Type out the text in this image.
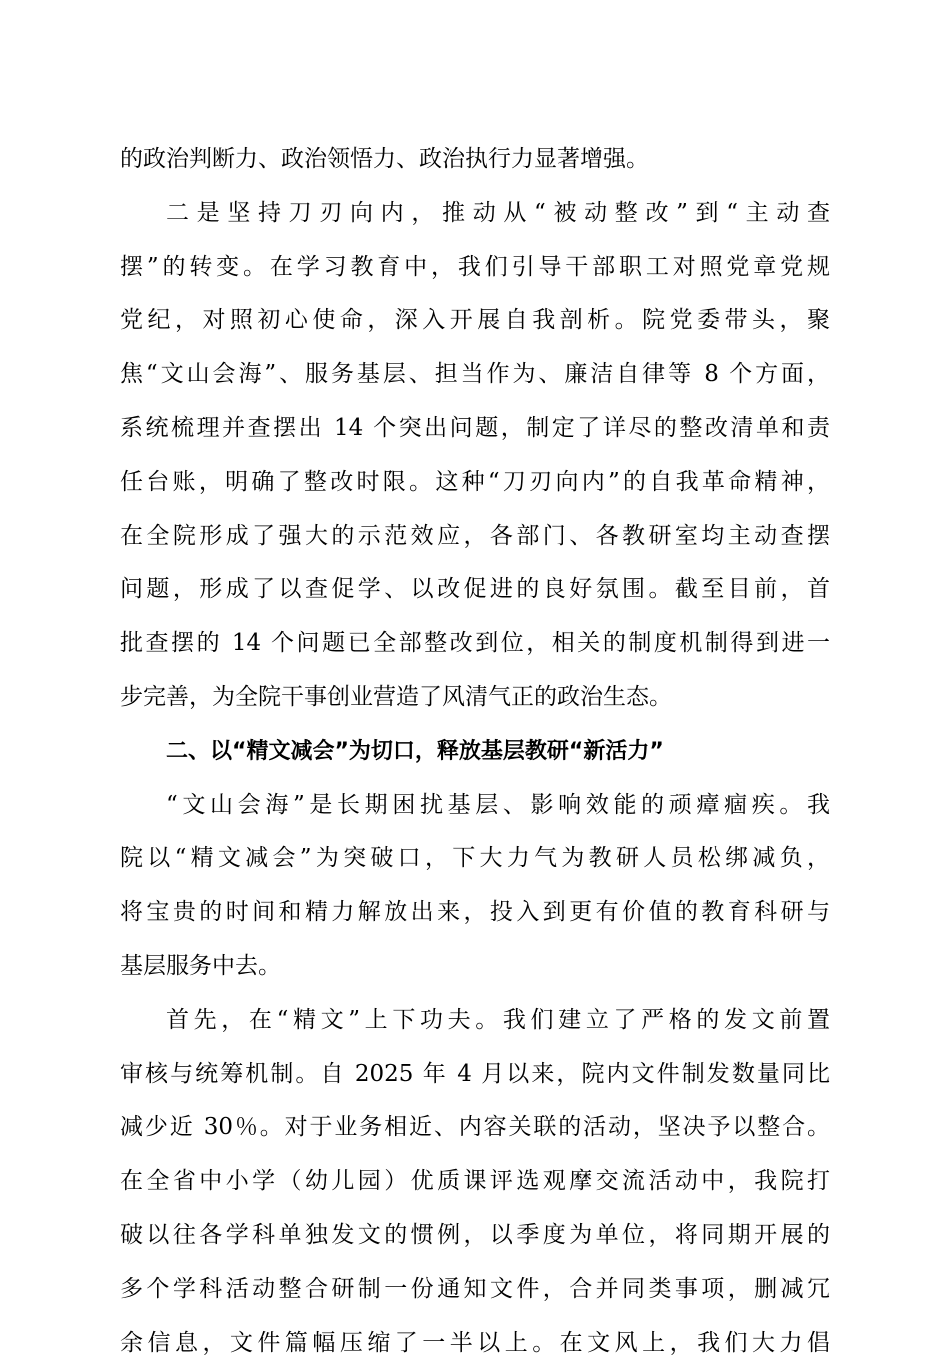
的政治判断力、政治领悟力、政治执行力显著增强。
二是坚持刀刃向内，推动从“被动整改”到“主动查
摆”的转变。在学习教育中，我们引导干部职工对照党章党规
党纪，对照初心使命，深入开展自我剖析。院党委带头，聚
焦“文山会海”、服务基层、担当作为、廉洁自律等 8 个方面，
系统梳理并查摆出 14 个突出问题，制定了详尽的整改清单和责
任台账，明确了整改时限。这种“刀刃向内”的自我革命精神，
在全院形成了强大的示范效应，各部门、各教研室均主动查摆
问题，形成了以查促学、以改促进的良好氛围。截至目前，首
批查摆的 14 个问题已全部整改到位，相关的制度机制得到进一
步完善，为全院干事创业营造了风清气正的政治生态。
二、以“精文减会”为切口，释放基层教研“新活力”
“文山会海”是长期困扰基层、影响效能的顽瘴痼疾。我
院以“精文减会”为突破口，下大力气为教研人员松绑减负，
将宝贵的时间和精力解放出来，投入到更有价值的教育科研与
基层服务中去。
首先，在“精文”上下功夫。我们建立了严格的发文前置
审核与统筹机制。自 2025 年 4 月以来，院内文件制发数量同比
减少近 30％。对于业务相近、内容关联的活动，坚决予以整合。
在全省中小学（幼儿园）优质课评选观摩交流活动中，我院打
破以往各学科单独发文的惯例，以季度为单位，将同期开展的
多个学科活动整合研制一份通知文件，合并同类事项，删减冗
余信息，文件篇幅压缩了一半以上。在文风上，我们大力倡
